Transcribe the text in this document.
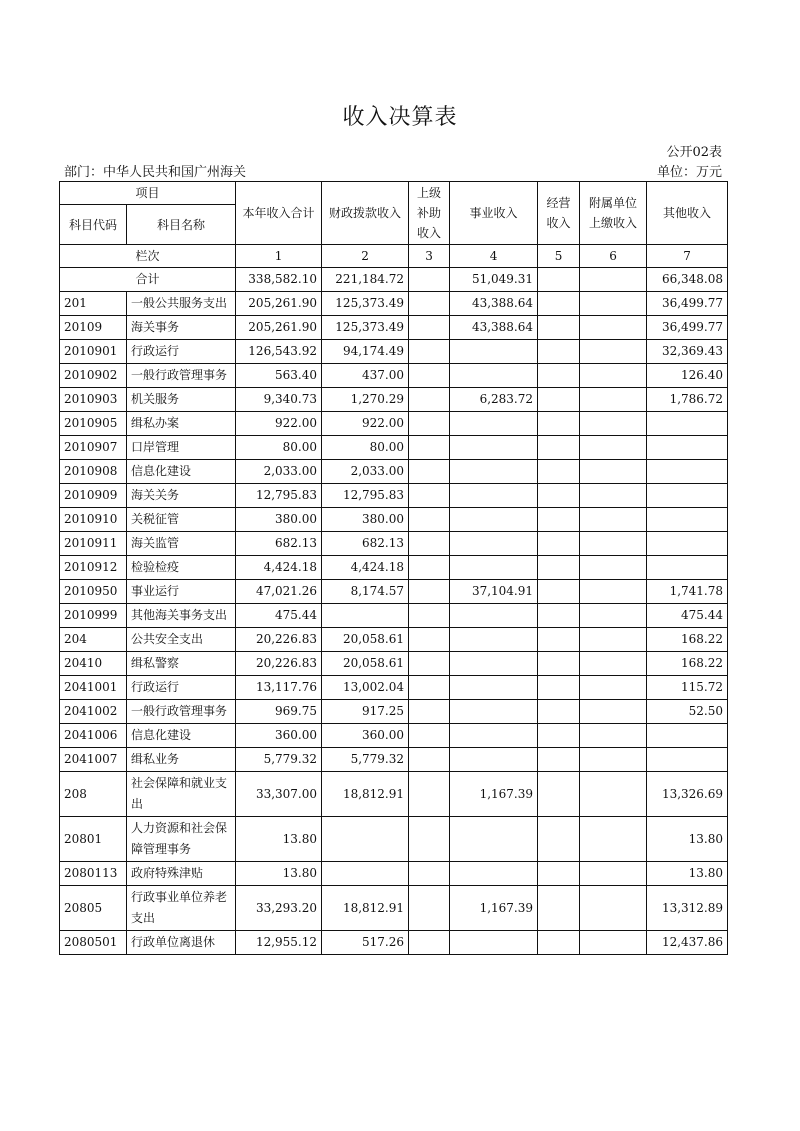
收入决算表
公开02表
部门：中华人民共和国广州海关	单位：万元
项目		本年收入合计	财政拨款收入	上级补助收入	事业收入	经营收入	附属单位上缴收入	其他收入
科目代码	科目名称							
栏次		1	2	3	4	5	6	7
合计		338,582.10	221,184.72		51,049.31			66,348.08
201	一般公共服务支出	205,261.90	125,373.49		43,388.64			36,499.77
20109	海关事务	205,261.90	125,373.49		43,388.64			36,499.77
2010901	行政运行	126,543.92	94,174.49					32,369.43
2010902	一般行政管理事务	563.40	437.00					126.40
2010903	机关服务	9,340.73	1,270.29		6,283.72			1,786.72
2010905	缉私办案	922.00	922.00					
2010907	口岸管理	80.00	80.00					
2010908	信息化建设	2,033.00	2,033.00					
2010909	海关关务	12,795.83	12,795.83					
2010910	关税征管	380.00	380.00					
2010911	海关监管	682.13	682.13					
2010912	检验检疫	4,424.18	4,424.18					
2010950	事业运行	47,021.26	8,174.57		37,104.91			1,741.78
2010999	其他海关事务支出	475.44						475.44
204	公共安全支出	20,226.83	20,058.61					168.22
20410	缉私警察	20,226.83	20,058.61					168.22
2041001	行政运行	13,117.76	13,002.04					115.72
2041002	一般行政管理事务	969.75	917.25					52.50
2041006	信息化建设	360.00	360.00					
2041007	缉私业务	5,779.32	5,779.32					
208	社会保障和就业支出	33,307.00	18,812.91		1,167.39			13,326.69
20801	人力资源和社会保障管理事务	13.80						13.80
2080113	政府特殊津贴	13.80						13.80
20805	行政事业单位养老支出	33,293.20	18,812.91		1,167.39			13,312.89
2080501	行政单位离退休	12,955.12	517.26					12,437.86
